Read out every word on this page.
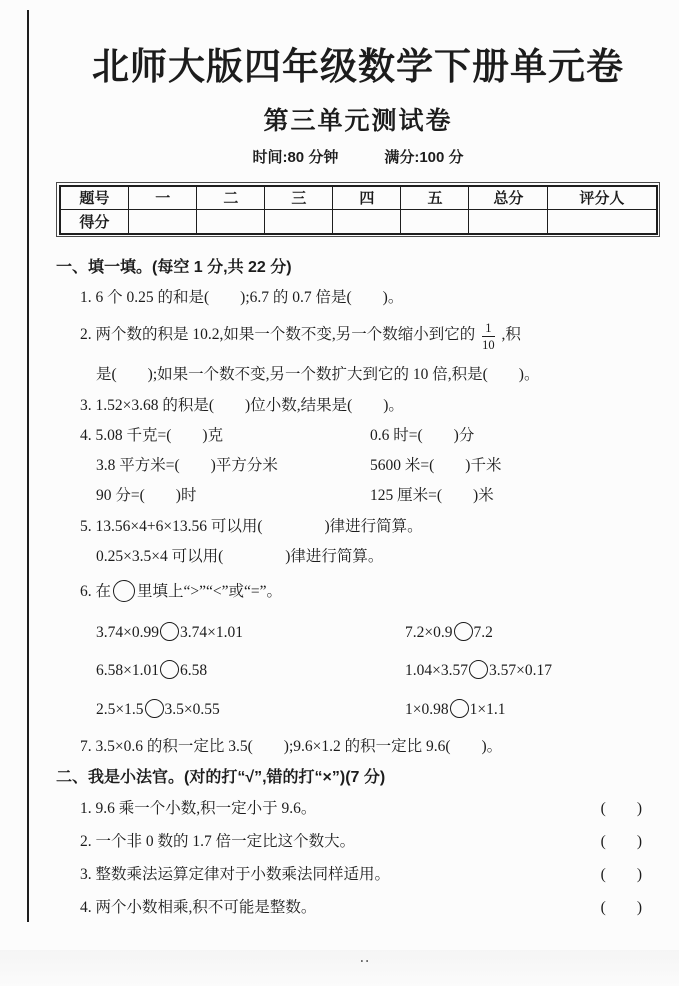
北师大版四年级数学下册单元卷
第三单元测试卷
时间:80 分钟	满分:100 分
题号	一	二	三	四	五	总分	评分人
得分							
一、填一填。(每空 1 分,共 22 分)
1. 6 个 0.25 的和是(　　);6.7 的 0.7 倍是(　　)。
2. 两个数的积是 10.2,如果一个数不变,另一个数缩小到它的 $\frac{1}{10}$ ,积
是(　　);如果一个数不变,另一个数扩大到它的 10 倍,积是(　　)。
3. 1.52×3.68 的积是(　　)位小数,结果是(　　)。
4. 5.08 千克=(　　)克	0.6 时=(　　)分
3.8 平方米=(　　)平方分米	5600 米=(　　)千米
90 分=(　　)时	125 厘米=(　　)米
5. 13.56×4+6×13.56 可以用(　　　　)律进行简算。
0.25×3.5×4 可以用(　　　　)律进行简算。
6. 在 里填上“>”“<”或“=”。
3.74×0.99 3.74×1.01	7.2×0.9 7.2
6.58×1.01 6.58	1.04×3.57 3.57×0.17
2.5×1.5 3.5×0.55	1×0.98 1×1.1
7. 3.5×0.6 的积一定比 3.5(　　);9.6×1.2 的积一定比 9.6(　　)。
二、我是小法官。(对的打“√”,错的打“×”)(7 分)
1. 9.6 乘一个小数,积一定小于 9.6。	(　　)
2. 一个非 0 数的 1.7 倍一定比这个数大。	(　　)
3. 整数乘法运算定律对于小数乘法同样适用。	(　　)
4. 两个小数相乘,积不可能是整数。	(　　)
:
